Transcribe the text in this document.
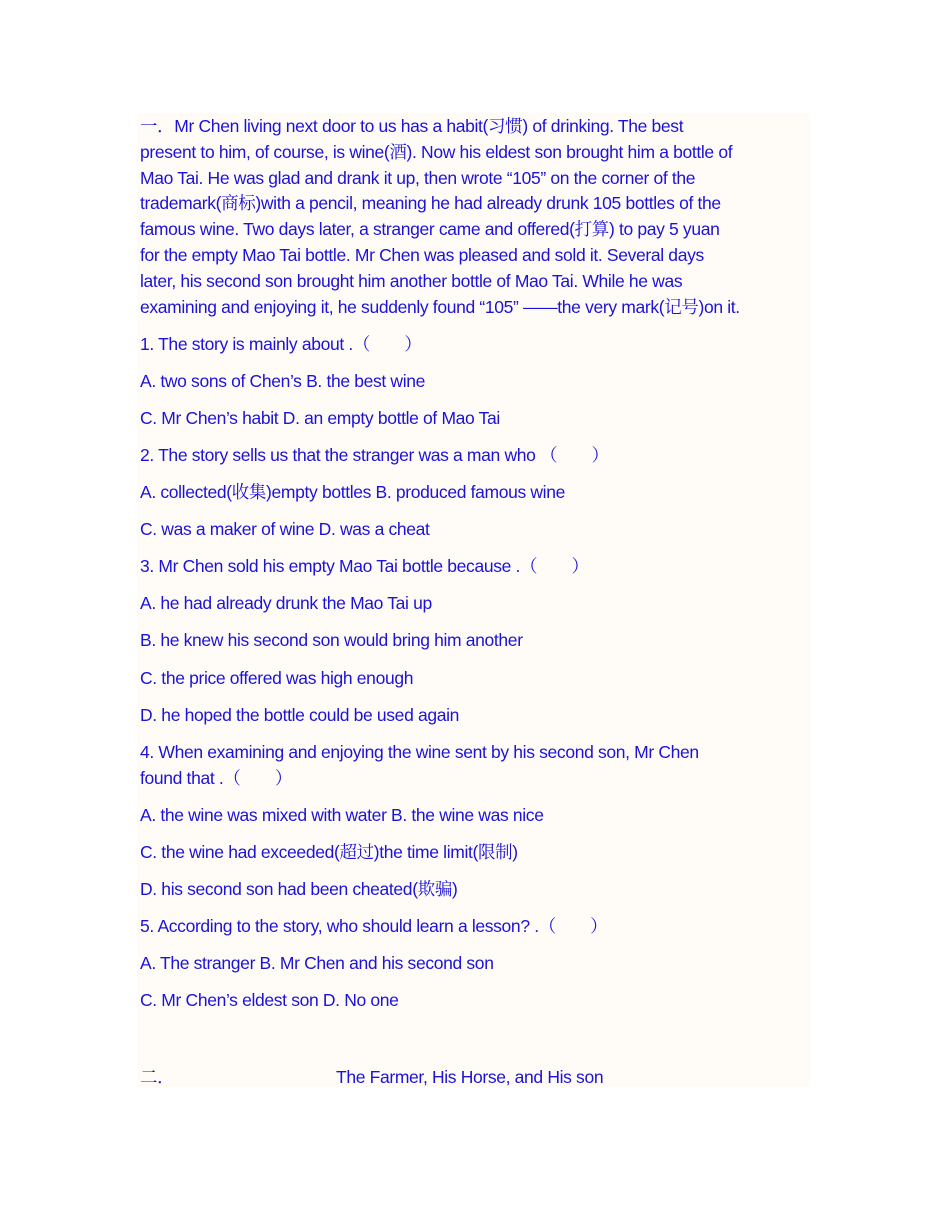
一．Mr Chen living next door to us has a habit(习惯) of drinking. The best
present to him, of course, is wine(酒). Now his eldest son brought him a bottle of
Mao Tai. He was glad and drank it up, then wrote “105” on the corner of the
trademark(商标)with a pencil, meaning he had already drunk 105 bottles of the
famous wine. Two days later, a stranger came and offered(打算) to pay 5 yuan
for the empty Mao Tai bottle. Mr Chen was pleased and sold it. Several days
later, his second son brought him another bottle of Mao Tai. While he was
examining and enjoying it, he suddenly found “105” ——the very mark(记号)on it.

1. The story is mainly about .（　　）

A. two sons of Chen’s B. the best wine

C. Mr Chen’s habit D. an empty bottle of Mao Tai

2. The story sells us that the stranger was a man who （　　）

A. collected(收集)empty bottles B. produced famous wine

C. was a maker of wine D. was a cheat

3. Mr Chen sold his empty Mao Tai bottle because .（　　）

A. he had already drunk the Mao Tai up

B. he knew his second son would bring him another

C. the price offered was high enough

D. he hoped the bottle could be used again

4. When examining and enjoying the wine sent by his second son, Mr Chen
found that .（　　）

A. the wine was mixed with water B. the wine was nice

C. the wine had exceeded(超过)the time limit(限制)

D. his second son had been cheated(欺骗)

5. According to the story, who should learn a lesson? .（　　）

A. The stranger B. Mr Chen and his second son

C. Mr Chen’s eldest son D. No one

二．	The Farmer, His Horse, and His son
